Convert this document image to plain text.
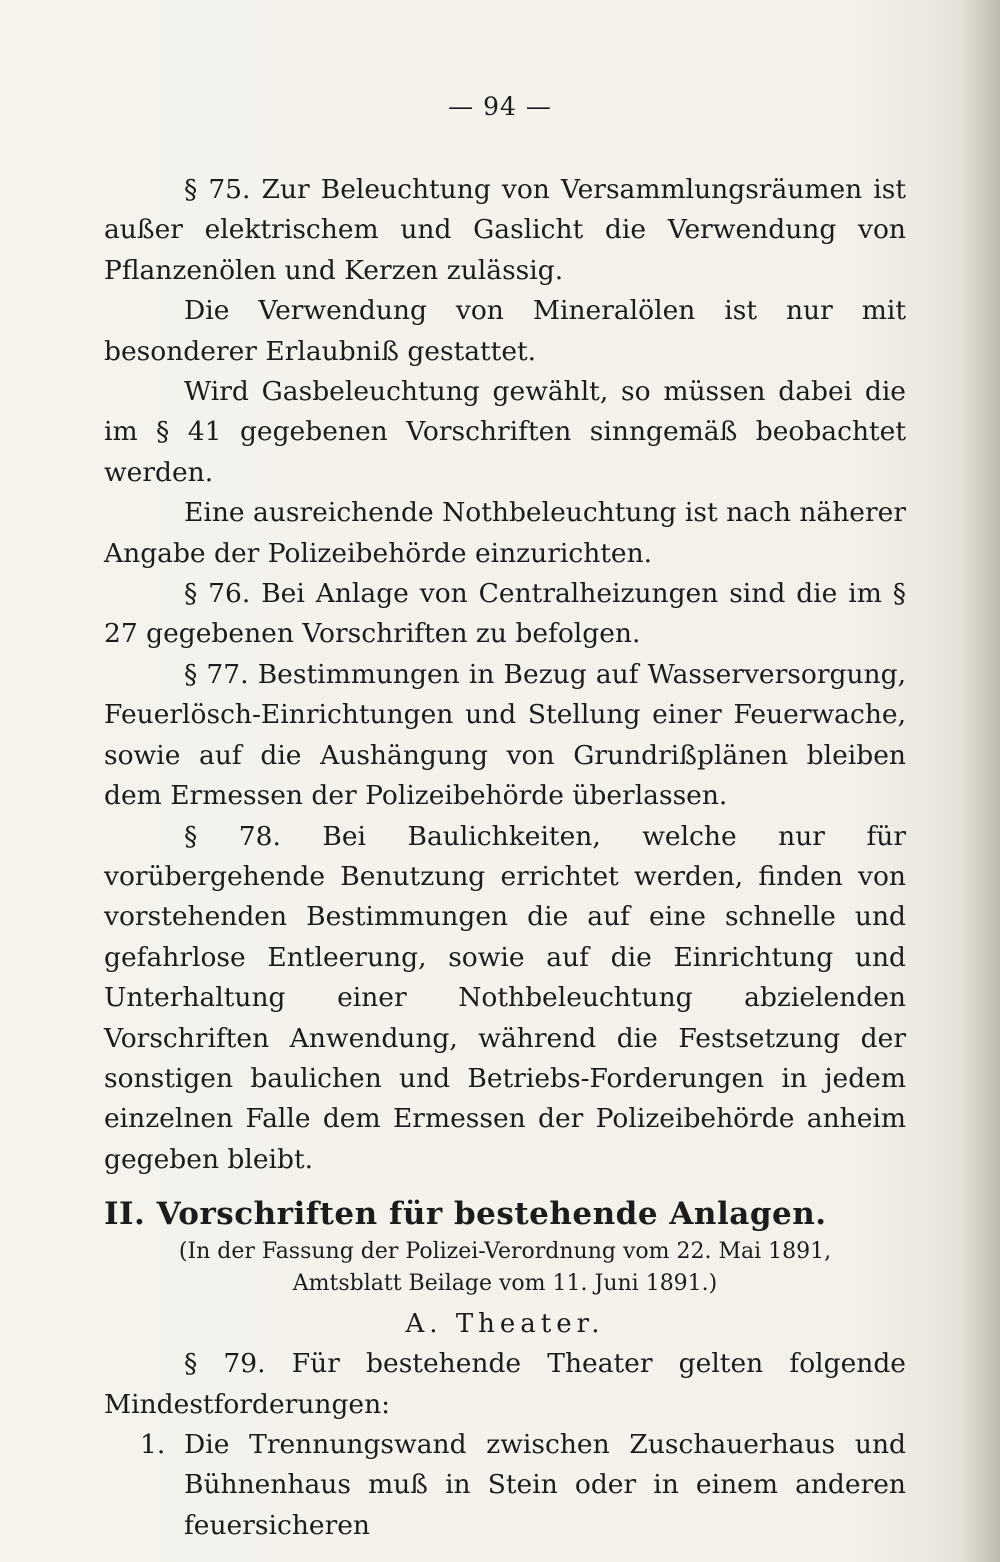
— 94 —

§ 75. Zur Beleuchtung von Versammlungsräumen ist außer elektrischem und Gaslicht die Verwendung von Pflanzenölen und Kerzen zulässig.

Die Verwendung von Mineralölen ist nur mit besonderer Erlaubniß gestattet.

Wird Gasbeleuchtung gewählt, so müssen dabei die im § 41 gegebenen Vorschriften sinngemäß beobachtet werden.

Eine ausreichende Nothbeleuchtung ist nach näherer Angabe der Polizeibehörde einzurichten.

§ 76. Bei Anlage von Centralheizungen sind die im § 27 gegebenen Vorschriften zu befolgen.

§ 77. Bestimmungen in Bezug auf Wasserversorgung, Feuerlösch-Einrichtungen und Stellung einer Feuerwache, sowie auf die Aushängung von Grundrißplänen bleiben dem Ermessen der Polizeibehörde überlassen.

§ 78. Bei Baulichkeiten, welche nur für vorübergehende Benutzung errichtet werden, finden von vorstehenden Bestimmungen die auf eine schnelle und gefahrlose Entleerung, sowie auf die Einrichtung und Unterhaltung einer Nothbeleuchtung abzielenden Vorschriften Anwendung, während die Festsetzung der sonstigen baulichen und Betriebs-Forderungen in jedem einzelnen Falle dem Ermessen der Polizeibehörde anheim gegeben bleibt.

II. Vorschriften für bestehende Anlagen.
(In der Fassung der Polizei-Verordnung vom 22. Mai 1891,
Amtsblatt Beilage vom 11. Juni 1891.)
A. Theater.

§ 79. Für bestehende Theater gelten folgende Mindestforderungen:

1. Die Trennungswand zwischen Zuschauerhaus und Bühnenhaus muß in Stein oder in einem anderen feuersicheren
